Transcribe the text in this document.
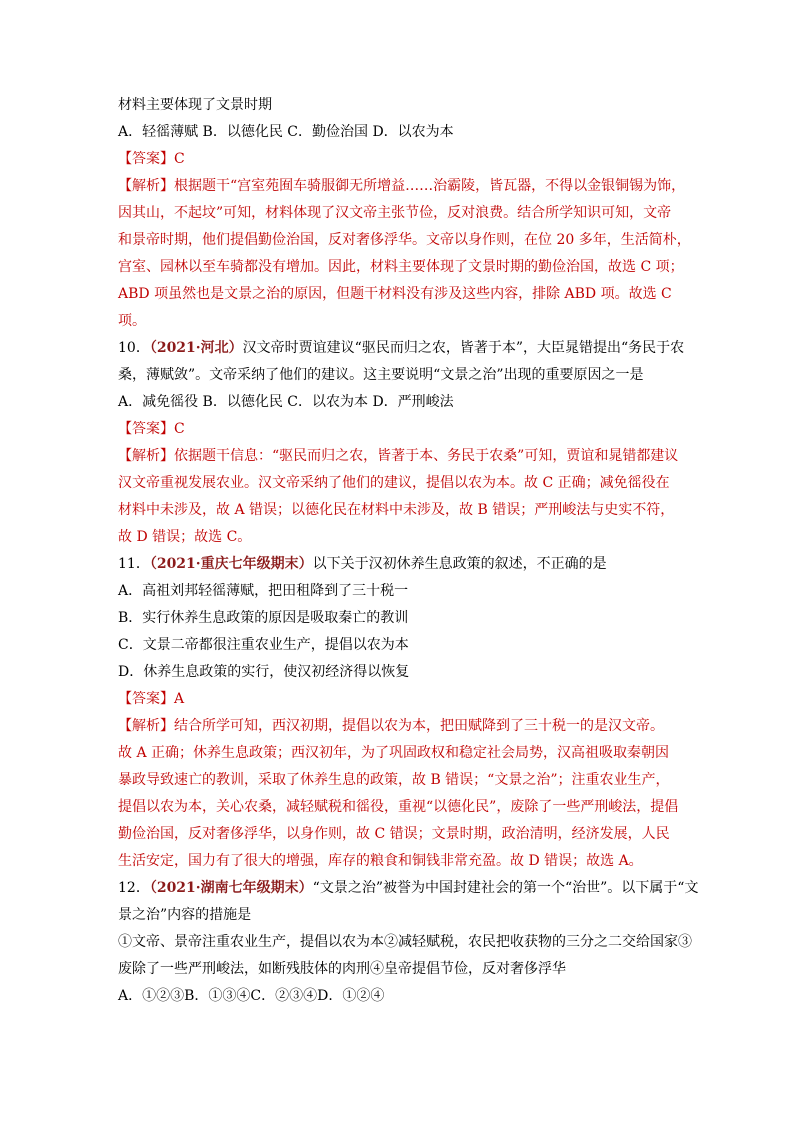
材料主要体现了文景时期
A．轻徭薄赋 B．以德化民 C．勤俭治国 D．以农为本
【答案】C
【解析】根据题干“宫室苑囿车骑服御无所增益……治霸陵，皆瓦器，不得以金银铜锡为饰，
因其山，不起坟”可知，材料体现了汉文帝主张节俭，反对浪费。结合所学知识可知，文帝
和景帝时期，他们提倡勤俭治国，反对奢侈浮华。文帝以身作则，在位 20 多年，生活简朴，
宫室、园林以至车骑都没有增加。因此，材料主要体现了文景时期的勤俭治国，故选 C 项；
ABD 项虽然也是文景之治的原因，但题干材料没有涉及这些内容，排除 ABD 项。故选 C
项。
10．（2021·河北）汉文帝时贾谊建议“驱民而归之农，皆著于本”，大臣晁错提出“务民于农
桑，薄赋敛”。文帝采纳了他们的建议。这主要说明“文景之治”出现的重要原因之一是
A．减免徭役 B．以德化民 C．以农为本 D．严刑峻法
【答案】C
【解析】依据题干信息：“驱民而归之农，皆著于本、务民于农桑”可知，贾谊和晁错都建议
汉文帝重视发展农业。汉文帝采纳了他们的建议，提倡以农为本。故 C 正确；减免徭役在
材料中未涉及，故 A 错误；以德化民在材料中未涉及，故 B 错误；严刑峻法与史实不符，
故 D 错误；故选 C。
11．（2021·重庆七年级期末）以下关于汉初休养生息政策的叙述，不正确的是
A．高祖刘邦轻徭薄赋，把田租降到了三十税一
B．实行休养生息政策的原因是吸取秦亡的教训
C．文景二帝都很注重农业生产，提倡以农为本
D．休养生息政策的实行，使汉初经济得以恢复
【答案】A
【解析】结合所学可知，西汉初期，提倡以农为本，把田赋降到了三十税一的是汉文帝。
故 A 正确；休养生息政策；西汉初年，为了巩固政权和稳定社会局势，汉高祖吸取秦朝因
暴政导致速亡的教训，采取了休养生息的政策，故 B 错误；“文景之治”；注重农业生产，
提倡以农为本，关心农桑，减轻赋税和徭役，重视“以德化民”，废除了一些严刑峻法，提倡
勤俭治国，反对奢侈浮华，以身作则，故 C 错误；文景时期，政治清明，经济发展，人民
生活安定，国力有了很大的增强，库存的粮食和铜钱非常充盈。故 D 错误；故选 A。
12．（2021·湖南七年级期末）“文景之治”被誉为中国封建社会的第一个“治世”。以下属于“文
景之治”内容的措施是
①文帝、景帝注重农业生产，提倡以农为本②减轻赋税，农民把收获物的三分之二交给国家③
废除了一些严刑峻法，如断残肢体的肉刑④皇帝提倡节俭，反对奢侈浮华
A．①②③B．①③④C．②③④D．①②④
